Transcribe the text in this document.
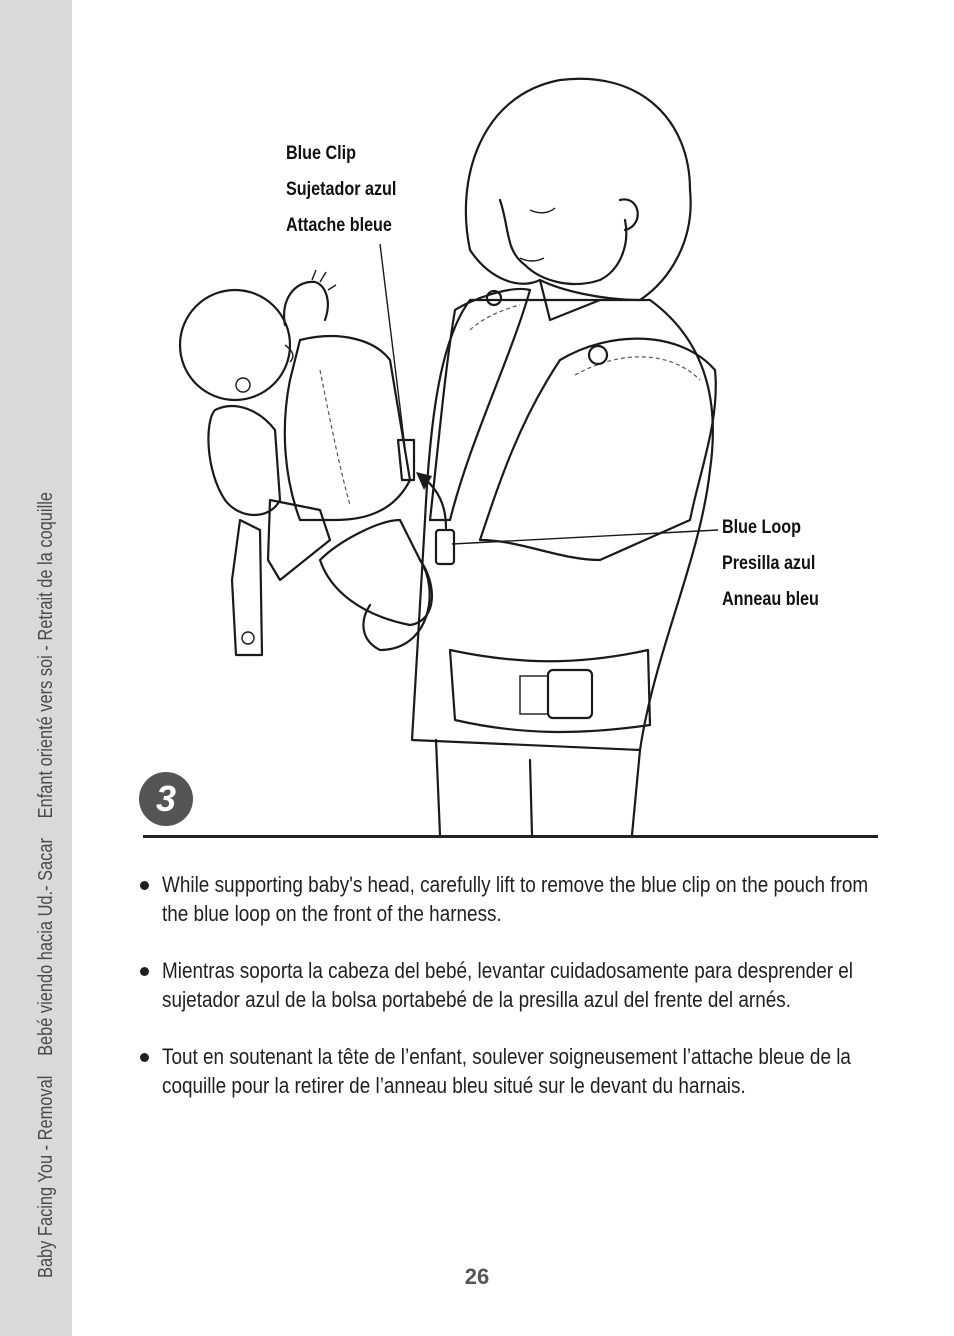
Baby Facing You - RemovalBebé viendo hacia Ud.- SacarEnfant orienté vers soi - Retrait de la coquille
Blue Clip
Sujetador azul
Attache bleue
Blue Loop
Presilla azul
Anneau bleu
3
While supporting baby's head, carefully lift to remove the blue clip on the pouch from the blue loop on the front of the harness.
Mientras soporta la cabeza del bebé, levantar cuidadosamente para desprender el sujetador azul de la bolsa portabebé de la presilla azul del frente del arnés.
Tout en soutenant la tête de l’enfant, soulever soigneusement l’attache bleue de la coquille pour la retirer de l’anneau bleu situé sur le devant du harnais.
26
